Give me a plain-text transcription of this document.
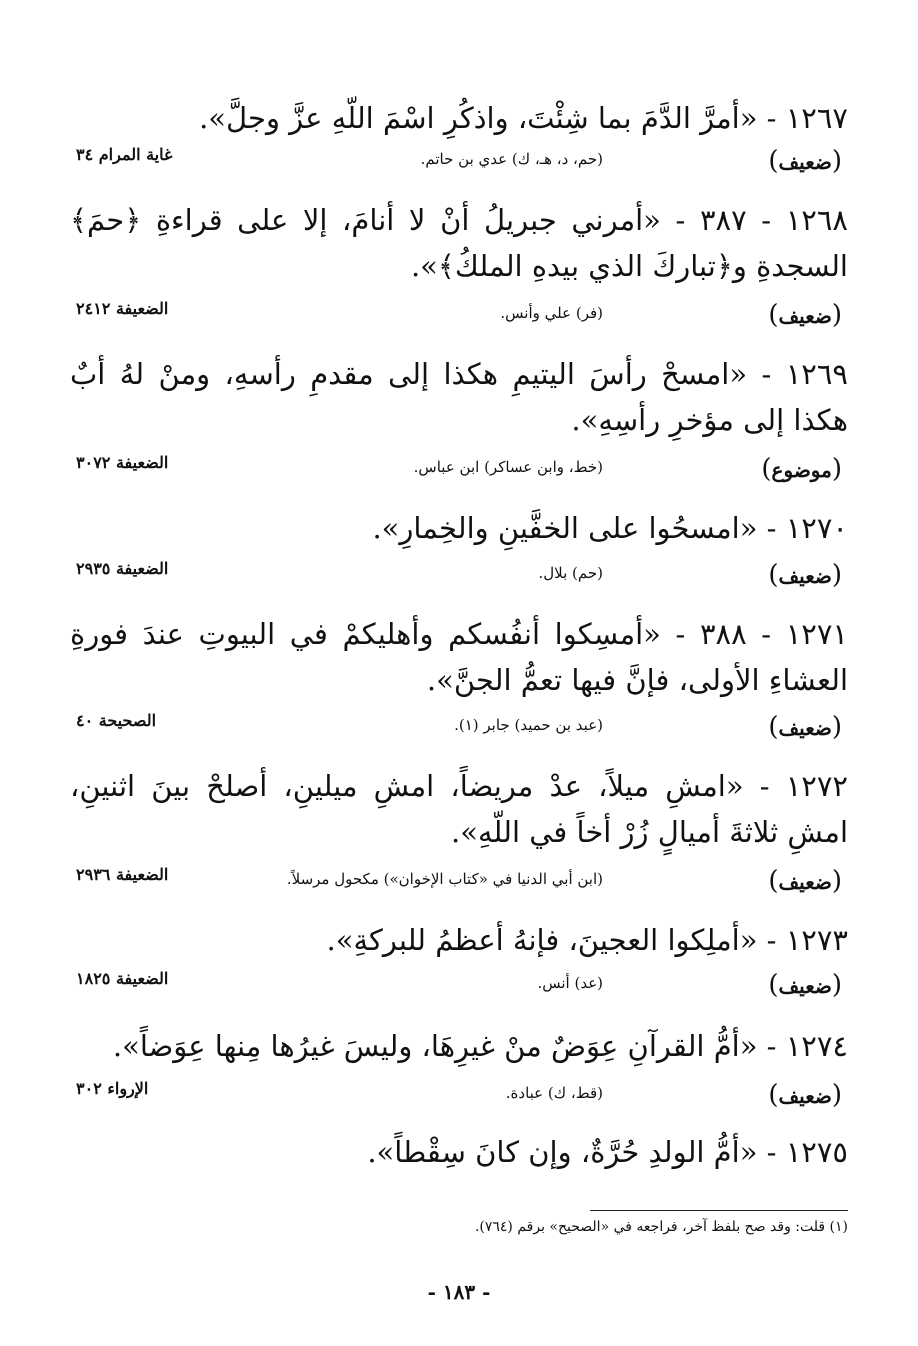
١٢٦٧ - «أمرَّ الدَّمَ بما شِئْتَ، واذكُرِ اسْمَ اللّهِ عزَّ وجلَّ».
(ضعيف)
(حم، د، هـ، ك) عدي بن حاتم.
غاية المرام ٣٤
١٢٦٨ - ٣٨٧ - «أمرني جبريلُ أنْ لا أنامَ، إلا على قراءةِ ﴿حمَ﴾
السجدةِ و﴿تباركَ الذي بيدهِ الملكُ﴾».
(ضعيف)
(فر) علي وأنس.
الضعيفة ٢٤١٢
١٢٦٩ - «امسحْ رأسَ اليتيمِ هكذا إلى مقدمِ رأسهِ، ومنْ لهُ أبٌ
هكذا إلى مؤخرِ رأسِهِ».
(موضوع)
(خط، وابن عساكر) ابن عباس.
الضعيفة ٣٠٧٢
١٢٧٠ - «امسحُوا على الخفَّينِ والخِمارِ».
(ضعيف)
(حم) بلال.
الضعيفة ٢٩٣٥
١٢٧١ - ٣٨٨ - «أمسِكوا أنفُسكم وأهليكمْ في البيوتِ عندَ فورةِ
العشاءِ الأولى، فإنَّ فيها تعمُّ الجنَّ».
(ضعيف)
(عبد بن حميد) جابر (١).
الصحيحة ٤٠
١٢٧٢ - «امشِ ميلاً، عدْ مريضاً، امشِ ميلينِ، أصلحْ بينَ اثنينِ،
امشِ ثلاثةَ أميالٍ زُرْ أخاً في اللّهِ».
(ضعيف)
(ابن أبي الدنيا في «كتاب الإخوان») مكحول مرسلاً.
الضعيفة ٢٩٣٦
١٢٧٣ - «أملِكوا العجينَ، فإنهُ أعظمُ للبركةِ».
(ضعيف)
(عد) أنس.
الضعيفة ١٨٢٥
١٢٧٤ - «أمُّ القرآنِ عِوَضٌ منْ غيرِهَا، وليسَ غيرُها مِنها عِوَضاً».
(ضعيف)
(قط، ك) عبادة.
الإرواء ٣٠٢
١٢٧٥ - «أمُّ الولدِ حُرَّةٌ، وإن كانَ سِقْطاً».
(١) قلت: وقد صح بلفظ آخر، فراجعه في «الصحيح» برقم (٧٦٤).
- ١٨٣ -
